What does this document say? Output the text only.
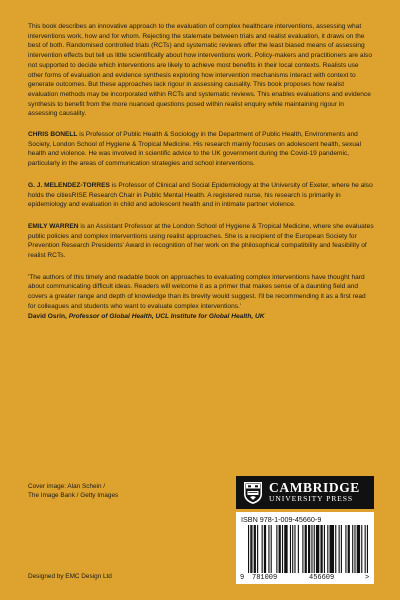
This book describes an innovative approach to the evaluation of complex healthcare interventions, assessing what interventions work, how and for whom. Rejecting the stalemate between trials and realist evaluation, it draws on the best of both. Randomised controlled trials (RCTs) and systematic reviews offer the least biased means of assessing intervention effects but tell us little scientifically about how interventions work. Policy-makers and practitioners are also not supported to decide which interventions are likely to achieve most benefits in their local contexts. Realists use other forms of evaluation and evidence synthesis exploring how intervention mechanisms interact with context to generate outcomes. But these approaches lack rigour in assessing causality. This book proposes how realist evaluation methods may be incorporated within RCTs and systematic reviews. This enables evaluations and evidence synthesis to benefit from the more nuanced questions posed within realist enquiry while maintaining rigour in assessing causality.

CHRIS BONELL is Professor of Public Health & Sociology in the Department of Public Health, Environments and Society, London School of Hygiene & Tropical Medicine. His research mainly focuses on adolescent health, sexual health and violence. He was involved in scientific advice to the UK government during the Covid-19 pandemic, particularly in the areas of communication strategies and school interventions.

G. J. MELENDEZ-TORRES is Professor of Clinical and Social Epidemiology at the University of Exeter, where he also holds the citiesRISE Research Chair in Public Mental Health. A registered nurse, his research is primarily in epidemiology and evaluation in child and adolescent health and in intimate partner violence.

EMILY WARREN is an Assistant Professor at the London School of Hygiene & Tropical Medicine, where she evaluates public policies and complex interventions using realist approaches. She is a recipient of the European Society for Prevention Research Presidents' Award in recognition of her work on the philosophical compatibility and feasibility of realist RCTs.

'The authors of this timely and readable book on approaches to evaluating complex interventions have thought hard about communicating difficult ideas. Readers will welcome it as a primer that makes sense of a daunting field and covers a greater range and depth of knowledge than its brevity would suggest. I'll be recommending it as a first read for colleagues and students who want to evaluate complex interventions.'

David Osrin, Professor of Global Health, UCL Institute for Global Health, UK

Cover image: Alan Schein /
The Image Bank / Getty Images
Designed by EMC Design Ltd
CAMBRIDGE
UNIVERSITY PRESS
ISBN 978-1-009-45660-9
9 781009	456609	>
